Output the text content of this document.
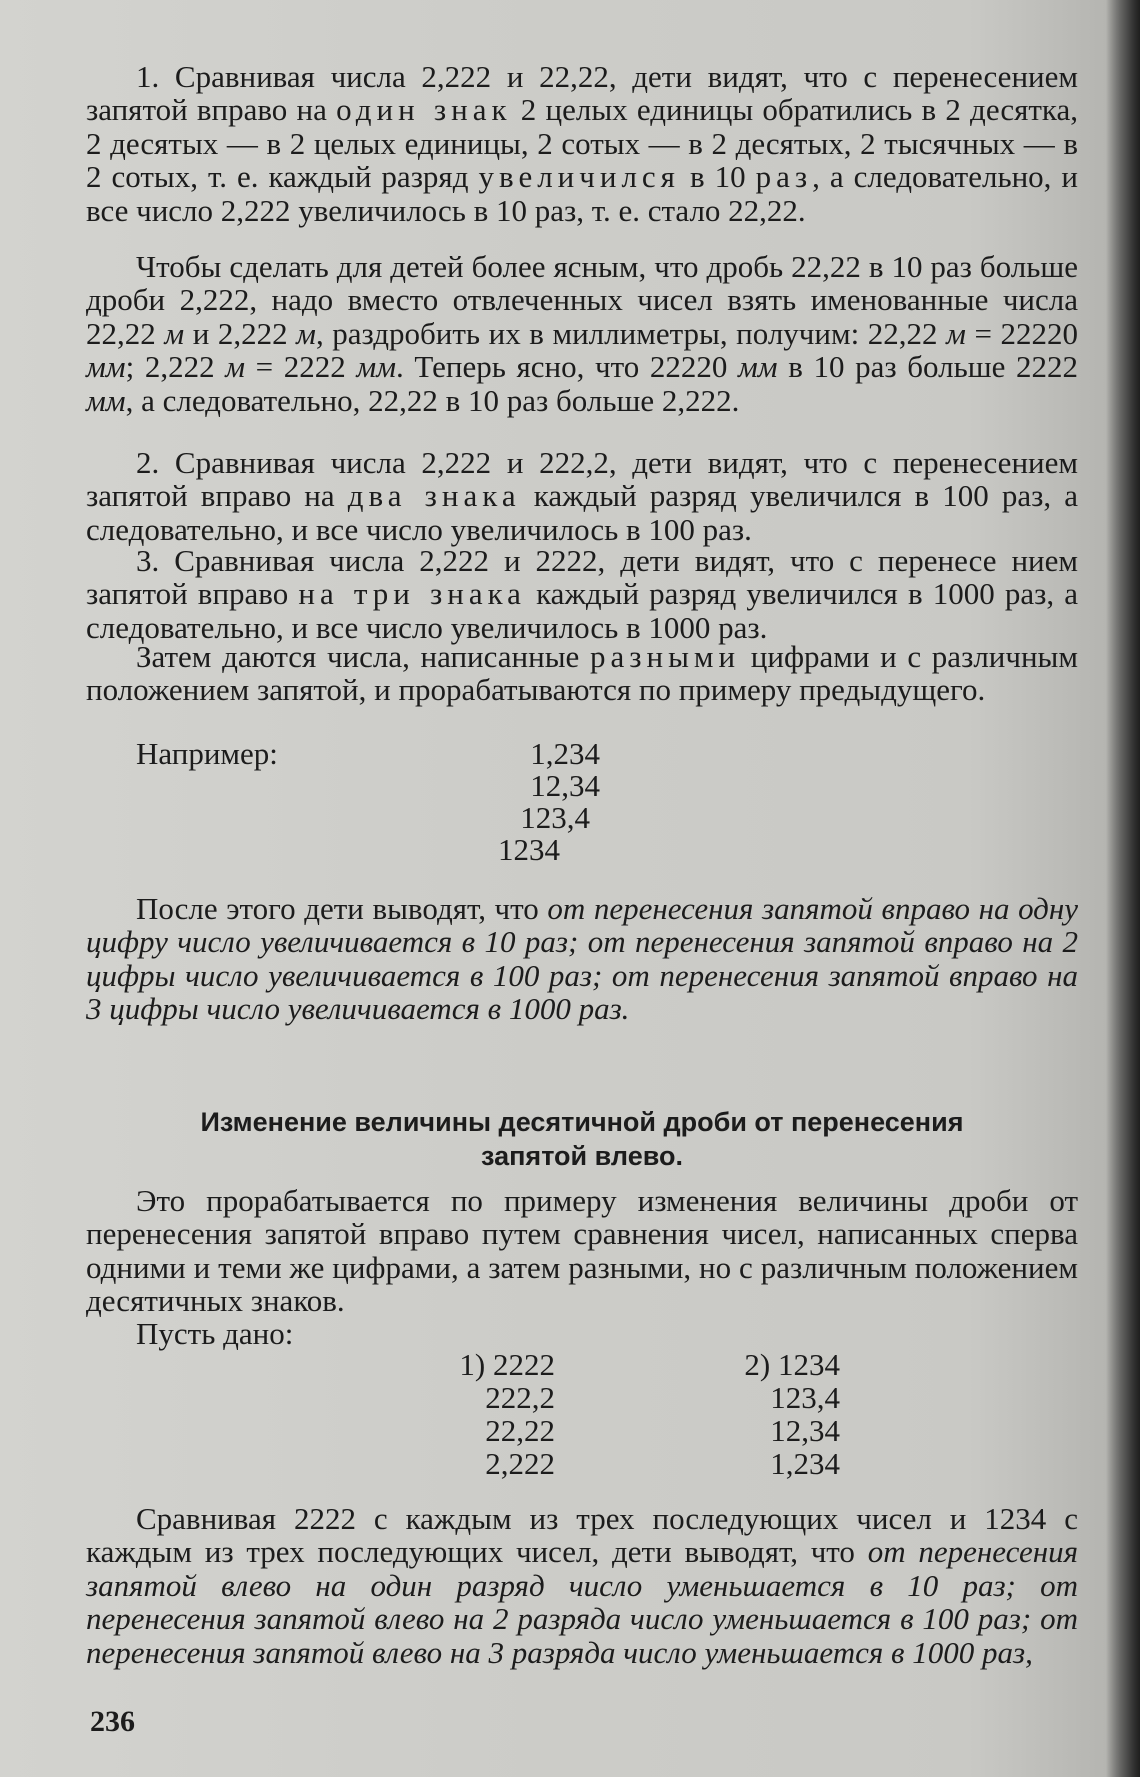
1. Сравнивая числа 2,222 и 22,22, дети видят, что с перенесением запятой вправо на один знак 2 целых единицы обратились в 2 десятка, 2 десятых — в 2 целых единицы, 2 сотых — в 2 десятых, 2 тысячных — в 2 сотых, т. е. каждый разряд увеличился в 10 раз, а следовательно, и все число 2,222 увеличилось в 10 раз, т. е. стало 22,22.

Чтобы сделать для детей более ясным, что дробь 22,22 в 10 раз больше дроби 2,222, надо вместо отвлеченных чисел взять именованные числа 22,22 м и 2,222 м, раздробить их в миллиметры, получим: 22,22 м = 22220 мм; 2,222 м = 2222 мм. Теперь ясно, что 22220 мм в 10 раз больше 2222 мм, а следовательно, 22,22 в 10 раз больше 2,222.

2. Сравнивая числа 2,222 и 222,2, дети видят, что с перенесением запятой вправо на два знака каждый разряд увеличился в 100 раз, а следовательно, и все число увеличилось в 100 раз.

3. Сравнивая числа 2,222 и 2222, дети видят, что с перенесе нием запятой вправо на три знака каждый разряд увеличился в 1000 раз, а следовательно, и все число увеличилось в 1000 раз.

Затем даются числа, написанные разными цифрами и с различным положением запятой, и прорабатываются по примеру предыдущего.

Например:	1,234
12,34
123,4
1234

После этого дети выводят, что от перенесения запятой вправо на одну цифру число увеличивается в 10 раз; от перенесения запятой вправо на 2 цифры число увеличивается в 100 раз; от перенесения запятой вправо на 3 цифры число увеличивается в 1000 раз.

Изменение величины десятичной дроби от перенесения
запятой влево.

Это прорабатывается по примеру изменения величины дроби от перенесения запятой вправо путем сравнения чисел, написанных сперва одними и теми же цифрами, а затем разными, но с различным положением десятичных знаков.

Пусть дано:
1) 2222
222,2
22,22
2,222
2) 1234
123,4
12,34
1,234

Сравнивая 2222 с каждым из трех последующих чисел и 1234 с каждым из трех последующих чисел, дети выводят, что от перенесения запятой влево на один разряд число уменьшается в 10 раз; от перенесения запятой влево на 2 разряда число уменьшается в 100 раз; от перенесения запятой влево на 3 разряда число уменьшается в 1000 раз,

236
